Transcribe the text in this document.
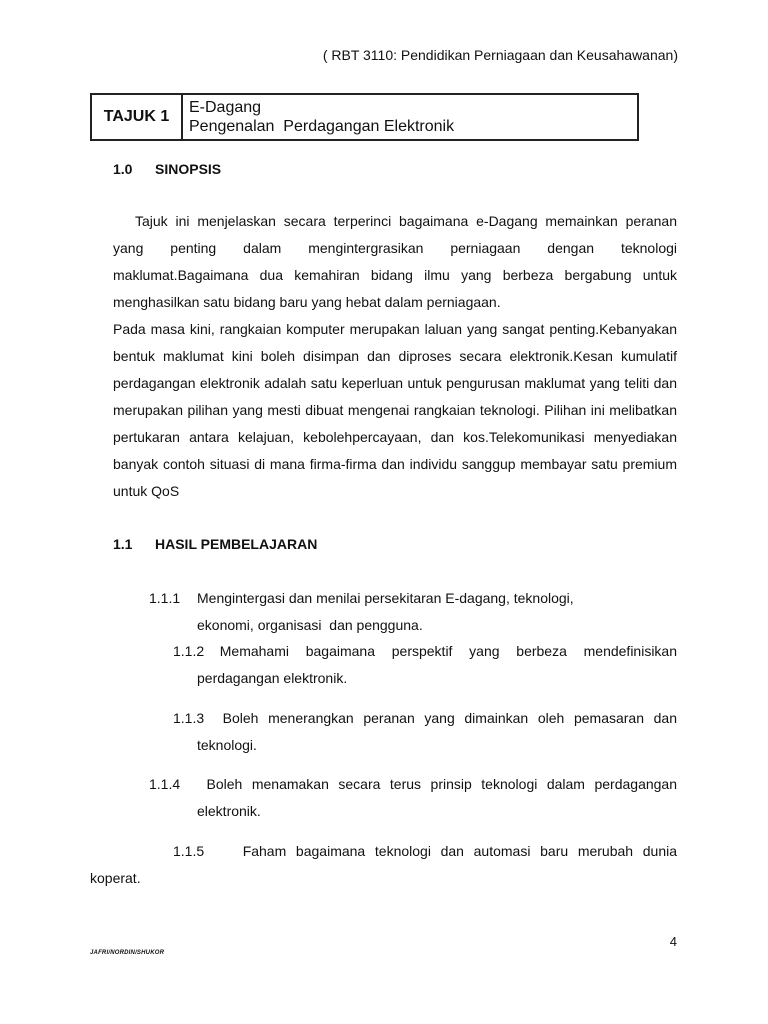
( RBT 3110: Pendidikan Perniagaan dan Keusahawanan)
TAJUK 1
E-Dagang
Pengenalan  Perdagangan Elektronik
1.0 SINOPSIS

Tajuk ini menjelaskan secara terperinci bagaimana e-Dagang memainkan peranan yang penting dalam mengintergrasikan perniagaan dengan teknologi maklumat.Bagaimana dua kemahiran bidang ilmu yang berbeza bergabung untuk menghasilkan satu bidang baru yang hebat dalam perniagaan.

Pada masa kini, rangkaian komputer merupakan laluan yang sangat penting.Kebanyakan bentuk maklumat kini boleh disimpan dan diproses secara elektronik.Kesan kumulatif perdagangan elektronik adalah satu keperluan untuk pengurusan maklumat yang teliti dan merupakan pilihan yang mesti dibuat mengenai rangkaian teknologi. Pilihan ini melibatkan pertukaran antara kelajuan, kebolehpercayaan, dan kos.Telekomunikasi menyediakan banyak contoh situasi di mana firma-firma dan individu sanggup membayar satu premium untuk QoS

1.1 HASIL PEMBELAJARAN
1.1.1 Mengintergasi dan menilai persekitaran E-dagang, teknologi,
ekonomi, organisasi  dan pengguna.
1.1.2 Memahami bagaimana perspektif yang berbeza mendefinisikan
perdagangan elektronik.
1.1.3 Boleh menerangkan peranan yang dimainkan oleh pemasaran dan
teknologi.
1.1.4 Boleh menamakan secara terus prinsip teknologi dalam perdagangan
elektronik.
1.1.5	Faham bagaimana teknologi dan automasi baru merubah dunia
koperat.
4
JAFRI/NORDIN/SHUKOR
